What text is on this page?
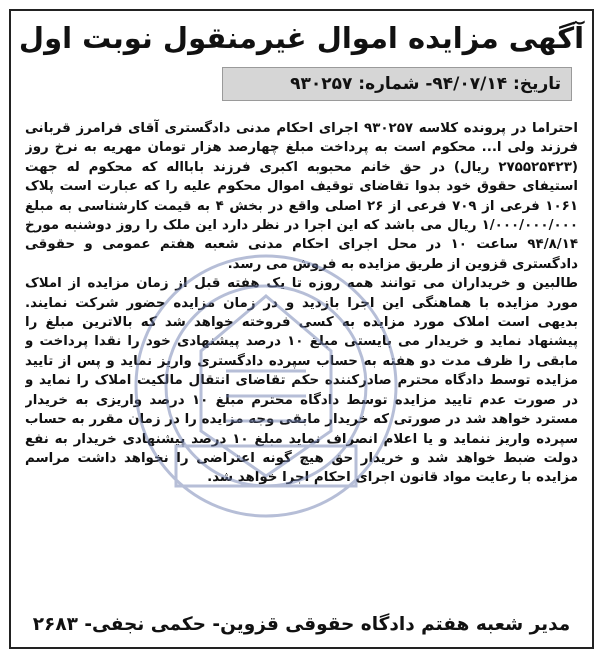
آگهی مزایده اموال غیرمنقول نوبت اول
تاریخ: ۹۴/۰۷/۱۴- شماره: ۹۳۰۲۵۷

احتراما در پرونده کلاسه ۹۳۰۲۵۷ اجرای احکام مدنی دادگستری آقای فرامرز قربانی فرزند ولی ا... محکوم است به پرداخت مبلغ چهارصد هزار تومان مهریه به نرخ روز (۲۷۵۵۲۵۴۲۳ ریال) در حق خانم محبوبه اکبری فرزند بابااله که محکوم له جهت استیفای حقوق خود بدوا تقاضای توقیف اموال محکوم علیه را که عبارت است پلاک ۱۰۶۱ فرعی از ۷۰۹ فرعی از ۲۶ اصلی واقع در بخش ۴ به قیمت کارشناسی به مبلغ ۱/۰۰۰/۰۰۰/۰۰۰ ریال می باشد که این اجرا در نظر دارد این ملک را روز دوشنبه مورخ ۹۴/۸/۱۴ ساعت ۱۰ در محل اجرای احکام مدنی شعبه هفتم عمومی و حقوقی دادگستری قزوین از طریق مزایده به فروش می رسد.

طالبین و خریداران می توانند همه روزه تا یک هفته قبل از زمان مزایده از املاک مورد مزایده با هماهنگی این اجرا بازدید و در زمان مزایده حضور شرکت نمایند. بدیهی است املاک مورد مزایده به کسی فروخته خواهد شد که بالاترین مبلغ را پیشنهاد نماید و خریدار می بایستی مبلغ ۱۰ درصد پیشنهادی خود را نقدا پرداخت و مابقی را ظرف مدت دو هفته به حساب سپرده دادگستری واریز نماید و پس از تایید مزایده توسط دادگاه محترم صادرکننده حکم تقاضای انتقال مالکیت املاک را نماید و در صورت عدم تایید مزایده توسط دادگاه محترم مبلغ ۱۰ درصد واریزی به خریدار مسترد خواهد شد در صورتی که خریدار مابقی وجه مزایده را در زمان مقرر به حساب سپرده واریز ننماید و یا اعلام انصراف نماید مبلغ ۱۰ درصد پیشنهادی خریدار به نفع دولت ضبط خواهد شد و خریدار حق هیچ گونه اعتراضی را نخواهد داشت مراسم مزایده با رعایت مواد قانون اجرای احکام اجرا خواهد شد.

مدیر شعبه هفتم دادگاه حقوقی قزوین- حکمی نجفی- ۲۶۸۳
